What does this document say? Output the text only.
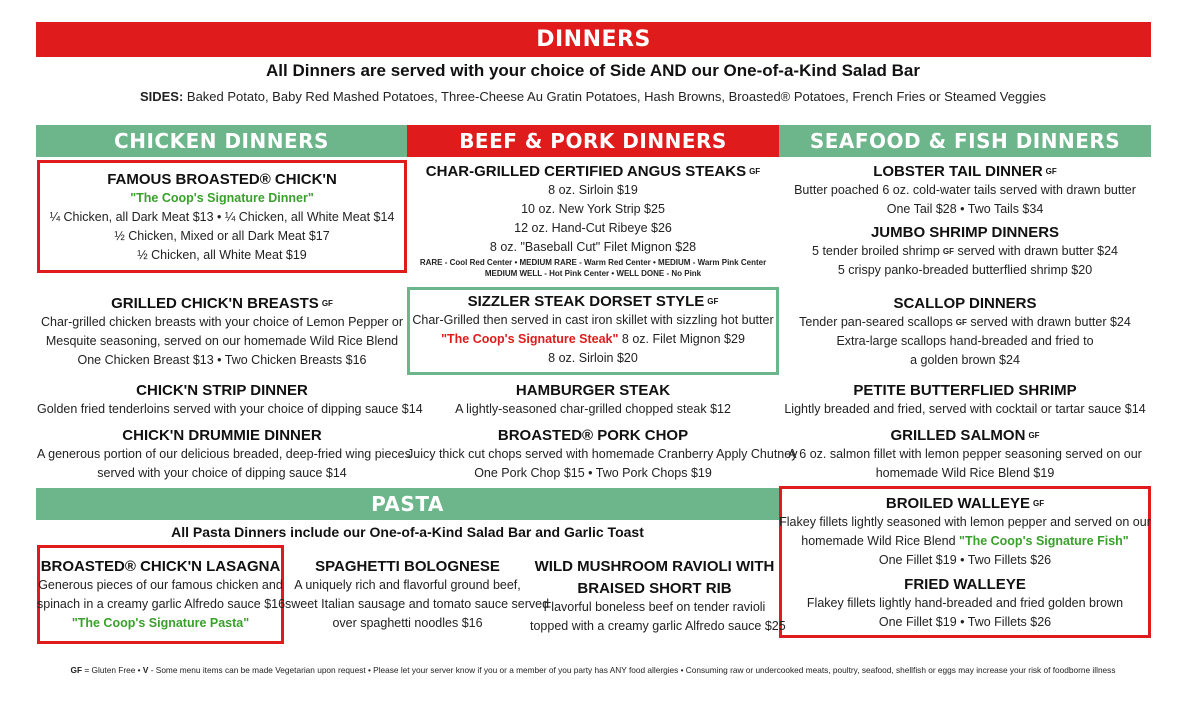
DINNERS
All Dinners are served with your choice of Side AND our One-of-a-Kind Salad Bar
SIDES: Baked Potato, Baby Red Mashed Potatoes, Three-Cheese Au Gratin Potatoes, Hash Browns, Broasted® Potatoes, French Fries or Steamed Veggies
CHICKEN DINNERS	BEEF & PORK DINNERS	SEAFOOD & FISH DINNERS
FAMOUS BROASTED® CHICK'N
"The Coop's Signature Dinner"
¼ Chicken, all Dark Meat $13 • ¼ Chicken, all White Meat $14
½ Chicken, Mixed or all Dark Meat $17
½ Chicken, all White Meat $19
GRILLED CHICK'N BREASTS $^{GF}$
Char-grilled chicken breasts with your choice of Lemon Pepper or
Mesquite seasoning, served on our homemade Wild Rice Blend
One Chicken Breast $13 • Two Chicken Breasts $16
CHICK'N STRIP DINNER
Golden fried tenderloins served with your choice of dipping sauce $14
CHICK'N DRUMMIE DINNER
A generous portion of our delicious breaded, deep-fried wing pieces
served with your choice of dipping sauce $14
CHAR-GRILLED CERTIFIED ANGUS STEAKS $^{GF}$
8 oz. Sirloin $19
10 oz. New York Strip $25
12 oz. Hand-Cut Ribeye $26
8 oz. "Baseball Cut" Filet Mignon $28
RARE - Cool Red Center • MEDIUM RARE - Warm Red Center • MEDIUM - Warm Pink Center
MEDIUM WELL - Hot Pink Center • WELL DONE - No Pink
SIZZLER STEAK DORSET STYLE $^{GF}$
Char-Grilled then served in cast iron skillet with sizzling hot butter
"The Coop's Signature Steak" 8 oz. Filet Mignon $29
8 oz. Sirloin $20
HAMBURGER STEAK
A lightly-seasoned char-grilled chopped steak $12
BROASTED® PORK CHOP
Juicy thick cut chops served with homemade Cranberry Apply Chutney
One Pork Chop $15 • Two Pork Chops $19
LOBSTER TAIL DINNER $^{GF}$
Butter poached 6 oz. cold-water tails served with drawn butter
One Tail $28 • Two Tails $34
JUMBO SHRIMP DINNERS
5 tender broiled shrimp $^{GF}$ served with drawn butter $24
5 crispy panko-breaded butterflied shrimp $20
SCALLOP DINNERS
Tender pan-seared scallops $^{GF}$ served with drawn butter $24
Extra-large scallops hand-breaded and fried to
a golden brown $24
PETITE BUTTERFLIED SHRIMP
Lightly breaded and fried, served with cocktail or tartar sauce $14
GRILLED SALMON $^{GF}$
A 6 oz. salmon fillet with lemon pepper seasoning served on our
homemade Wild Rice Blend $19
BROILED WALLEYE $^{GF}$
Flakey fillets lightly seasoned with lemon pepper and served on our
homemade Wild Rice Blend "The Coop's Signature Fish"
One Fillet $19 • Two Fillets $26
FRIED WALLEYE
Flakey fillets lightly hand-breaded and fried golden brown
One Fillet $19 • Two Fillets $26
PASTA
All Pasta Dinners include our One-of-a-Kind Salad Bar and Garlic Toast
BROASTED® CHICK'N LASAGNA
Generous pieces of our famous chicken and
spinach in a creamy garlic Alfredo sauce $16
"The Coop's Signature Pasta"
SPAGHETTI BOLOGNESE
A uniquely rich and flavorful ground beef,
sweet Italian sausage and tomato sauce served
over spaghetti noodles $16
WILD MUSHROOM RAVIOLI WITH
BRAISED SHORT RIB
Flavorful boneless beef on tender ravioli
topped with a creamy garlic Alfredo sauce $25
GF = Gluten Free • V - Some menu items can be made Vegetarian upon request • Please let your server know if you or a member of you party has ANY food allergies • Consuming raw or undercooked meats, poultry, seafood, shellfish or eggs may increase your risk of foodborne illness
